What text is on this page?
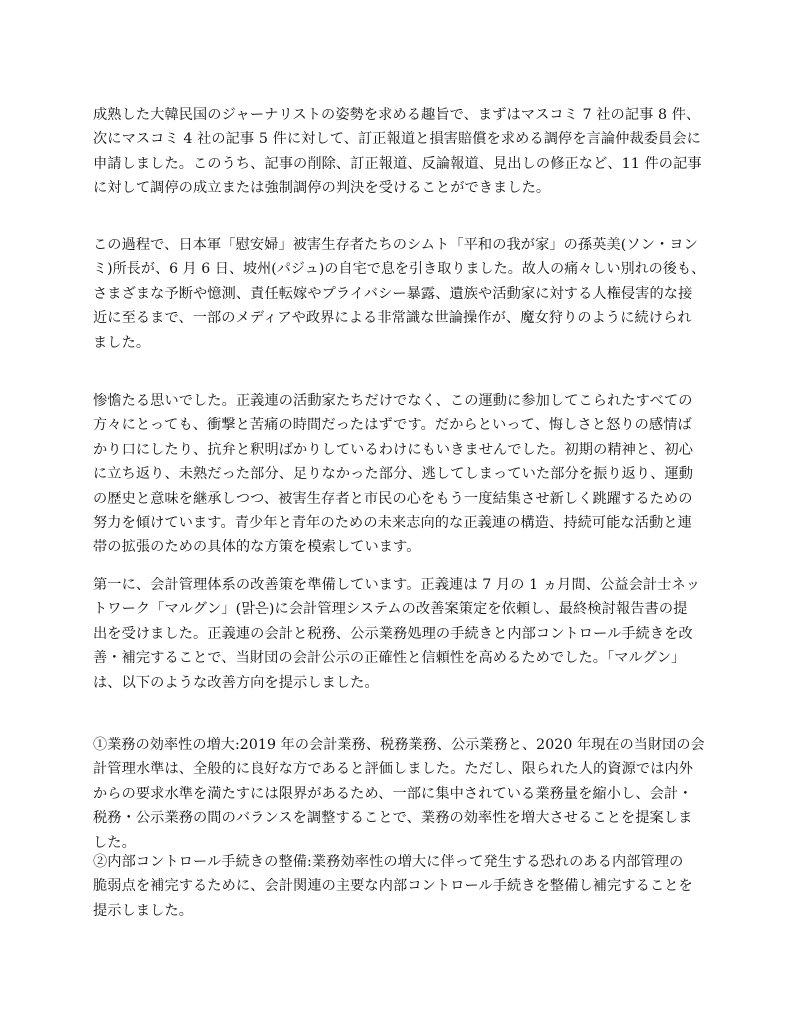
成熟した大韓民国のジャーナリストの姿勢を求める趣旨で、まずはマスコミ 7 社の記事 8 件、
次にマスコミ 4 社の記事 5 件に対して、訂正報道と損害賠償を求める調停を言論仲裁委員会に
申請しました。このうち、記事の削除、訂正報道、反論報道、見出しの修正など、11 件の記事
に対して調停の成立または強制調停の判決を受けることができました。

この過程で、日本軍「慰安婦」被害生存者たちのシムト「平和の我が家」の孫英美(ソン・ヨン
ミ)所長が、6 月 6 日、坡州(パジュ)の自宅で息を引き取りました。故人の痛々しい別れの後も、
さまざまな予断や憶測、責任転嫁やプライバシー暴露、遺族や活動家に対する人権侵害的な接
近に至るまで、一部のメディアや政界による非常識な世論操作が、魔女狩りのように続けられ
ました。

惨憺たる思いでした。正義連の活動家たちだけでなく、この運動に参加してこられたすべての
方々にとっても、衝撃と苦痛の時間だったはずです。だからといって、悔しさと怒りの感情ば
かり口にしたり、抗弁と釈明ばかりしているわけにもいきませんでした。初期の精神と、初心
に立ち返り、未熟だった部分、足りなかった部分、逃してしまっていた部分を振り返り、運動
の歴史と意味を継承しつつ、被害生存者と市民の心をもう一度結集させ新しく跳躍するための
努力を傾けています。青少年と青年のための未来志向的な正義連の構造、持続可能な活動と連
帯の拡張のための具体的な方策を模索しています。

第一に、会計管理体系の改善策を準備しています。正義連は 7 月の 1 ヵ月間、公益会計士ネッ
トワーク「マルグン」(맑은)に会計管理システムの改善案策定を依頼し、最終検討報告書の提
出を受けました。正義連の会計と税務、公示業務処理の手続きと内部コントロール手続きを改
善・補完することで、当財団の会計公示の正確性と信頼性を高めるためでした。「マルグン」
は、以下のような改善方向を提示しました。

①業務の効率性の増大:2019 年の会計業務、税務業務、公示業務と、2020 年現在の当財団の会
計管理水準は、全般的に良好な方であると評価しました。ただし、限られた人的資源では内外
からの要求水準を満たすには限界があるため、一部に集中されている業務量を縮小し、会計・
税務・公示業務の間のバランスを調整することで、業務の効率性を増大させることを提案しま
した。

②内部コントロール手続きの整備:業務効率性の増大に伴って発生する恐れのある内部管理の
脆弱点を補完するために、会計関連の主要な内部コントロール手続きを整備し補完することを
提示しました。
